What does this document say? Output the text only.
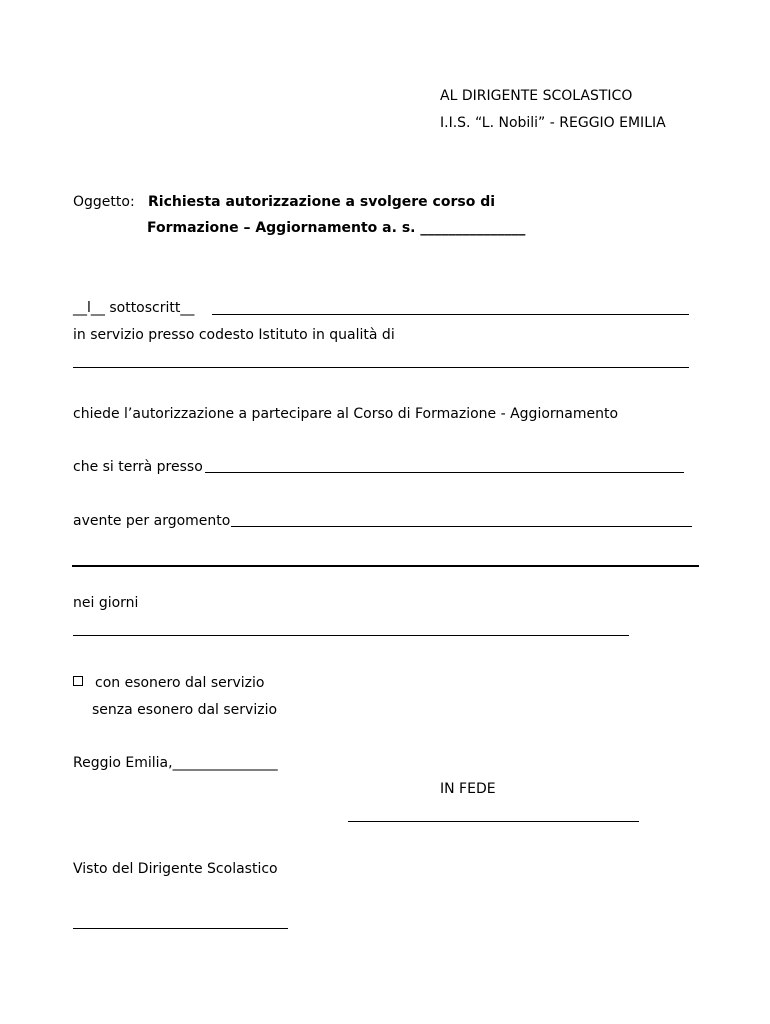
AL DIRIGENTE SCOLASTICO
I.I.S. “L. Nobili” - REGGIO EMILIA
Oggetto: Richiesta autorizzazione a svolgere corso di
Formazione – Aggiornamento a. s. _______________
__l__ sottoscritt__
in servizio presso codesto Istituto in qualità di
chiede l’autorizzazione a partecipare al Corso di Formazione - Aggiornamento
che si terrà presso
avente per argomento
nei giorni
con esonero dal servizio
senza esonero dal servizio
Reggio Emilia,_______________
IN FEDE
Visto del Dirigente Scolastico
